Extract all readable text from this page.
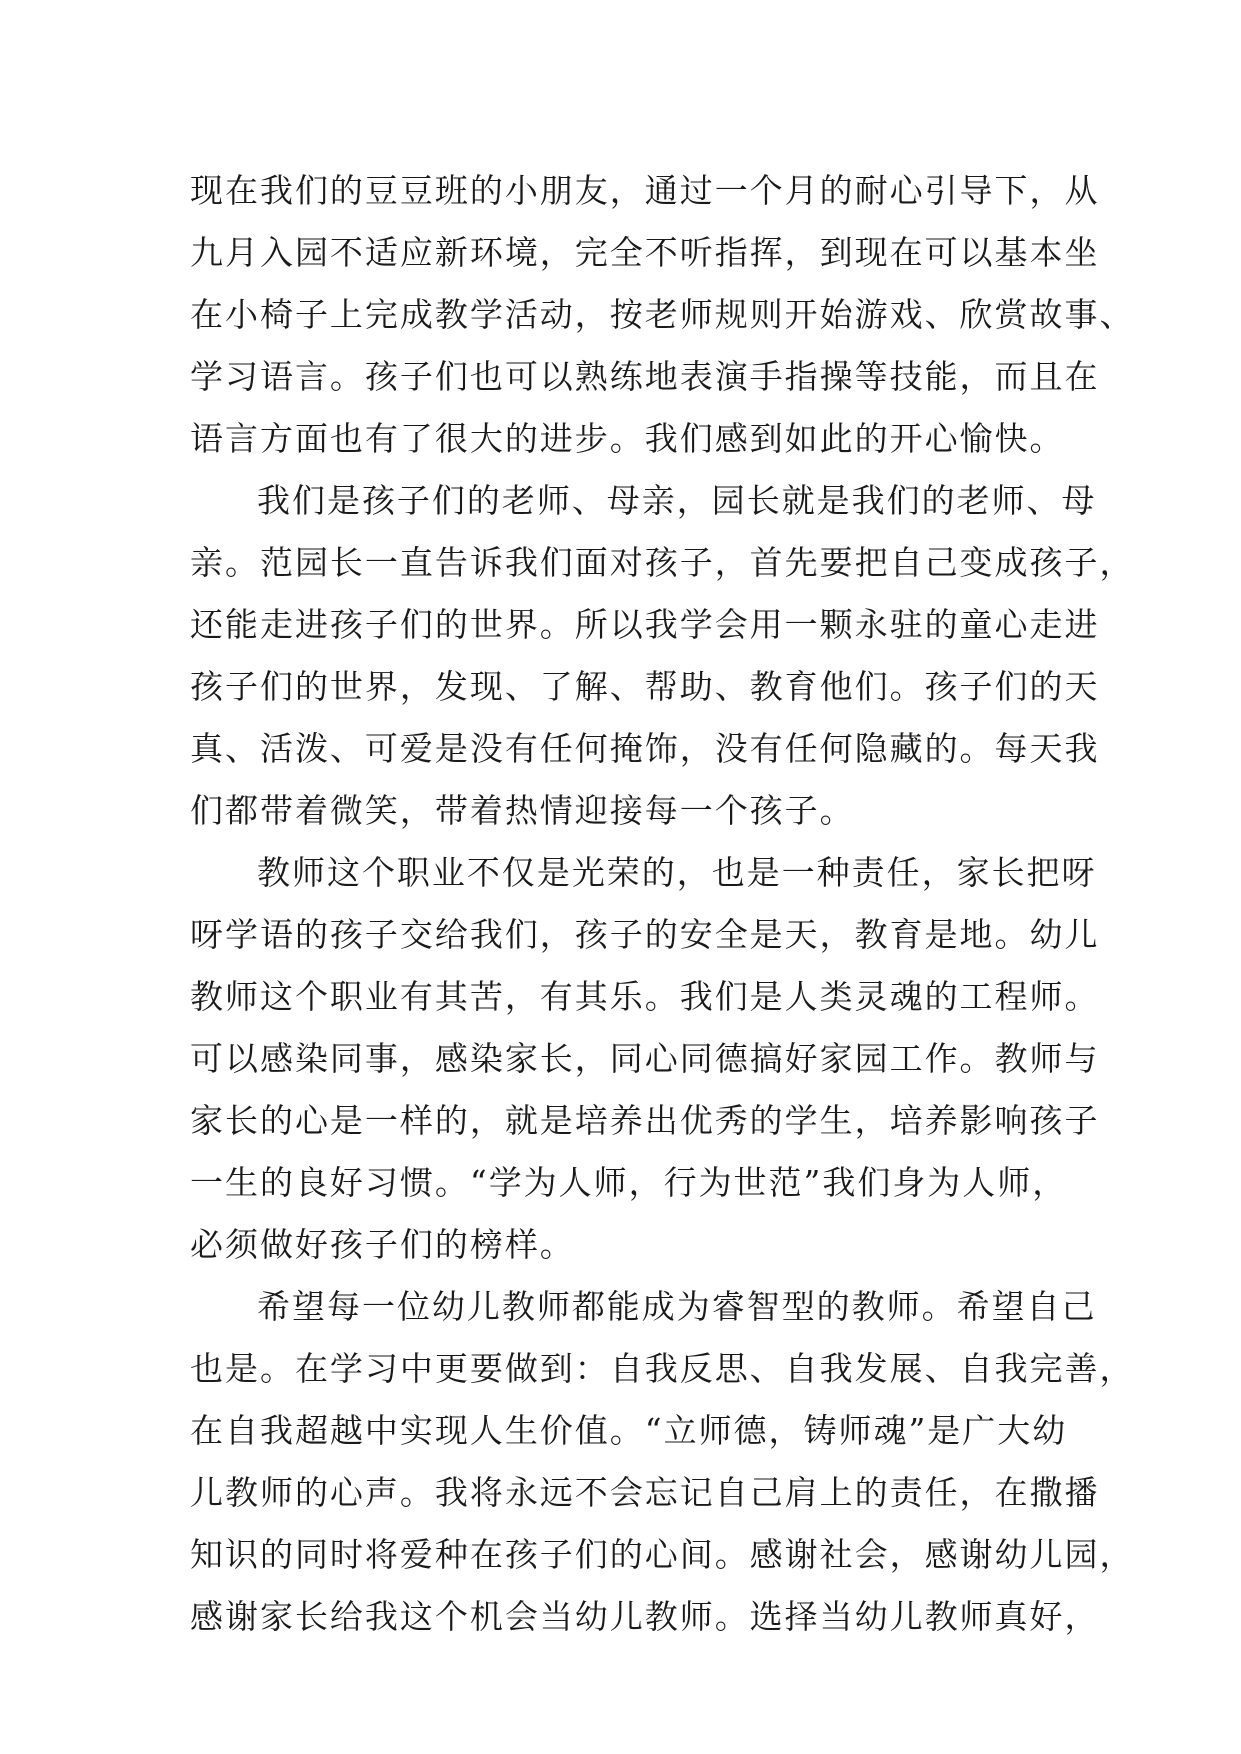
现在我们的豆豆班的小朋友，通过一个月的耐心引导下，从
九月入园不适应新环境，完全不听指挥，到现在可以基本坐
在小椅子上完成教学活动，按老师规则开始游戏、欣赏故事、
学习语言。孩子们也可以熟练地表演手指操等技能，而且在
语言方面也有了很大的进步。我们感到如此的开心愉快。
我们是孩子们的老师、母亲，园长就是我们的老师、母
亲。范园长一直告诉我们面对孩子，首先要把自己变成孩子，
还能走进孩子们的世界。所以我学会用一颗永驻的童心走进
孩子们的世界，发现、了解、帮助、教育他们。孩子们的天
真、活泼、可爱是没有任何掩饰，没有任何隐藏的。每天我
们都带着微笑，带着热情迎接每一个孩子。
教师这个职业不仅是光荣的，也是一种责任，家长把呀
呀学语的孩子交给我们，孩子的安全是天，教育是地。幼儿
教师这个职业有其苦，有其乐。我们是人类灵魂的工程师。
可以感染同事，感染家长，同心同德搞好家园工作。教师与
家长的心是一样的，就是培养出优秀的学生，培养影响孩子
一生的良好习惯。“学为人师，行为世范”我们身为人师，
必须做好孩子们的榜样。
希望每一位幼儿教师都能成为睿智型的教师。希望自己
也是。在学习中更要做到：自我反思、自我发展、自我完善，
在自我超越中实现人生价值。“立师德，铸师魂”是广大幼
儿教师的心声。我将永远不会忘记自己肩上的责任，在撒播
知识的同时将爱种在孩子们的心间。感谢社会，感谢幼儿园，
感谢家长给我这个机会当幼儿教师。选择当幼儿教师真好，
